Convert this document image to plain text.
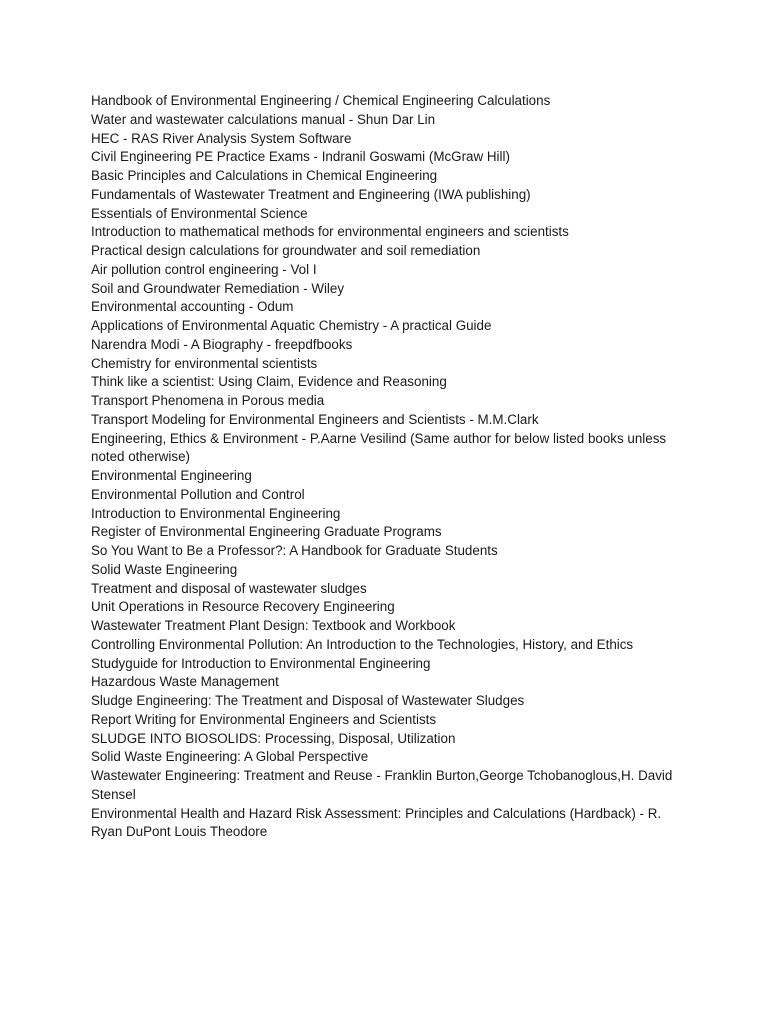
Handbook of Environmental Engineering / Chemical Engineering Calculations
Water and wastewater calculations manual - Shun Dar Lin
HEC - RAS River Analysis System Software
Civil Engineering PE Practice Exams - Indranil Goswami (McGraw Hill)
Basic Principles and Calculations in Chemical Engineering
Fundamentals of Wastewater Treatment and Engineering (IWA publishing)
Essentials of Environmental Science
Introduction to mathematical methods for environmental engineers and scientists
Practical design calculations for groundwater and soil remediation
Air pollution control engineering - Vol I
Soil and Groundwater Remediation - Wiley
Environmental accounting - Odum
Applications of Environmental Aquatic Chemistry - A practical Guide
Narendra Modi - A Biography - freepdfbooks
Chemistry for environmental scientists
Think like a scientist: Using Claim, Evidence and Reasoning
Transport Phenomena in Porous media
Transport Modeling for Environmental Engineers and Scientists - M.M.Clark
Engineering, Ethics & Environment - P.Aarne Vesilind (Same author for below listed books unless noted otherwise)
Environmental Engineering
Environmental Pollution and Control
Introduction to Environmental Engineering
Register of Environmental Engineering Graduate Programs
So You Want to Be a Professor?: A Handbook for Graduate Students
Solid Waste Engineering
Treatment and disposal of wastewater sludges
Unit Operations in Resource Recovery Engineering
Wastewater Treatment Plant Design: Textbook and Workbook
Controlling Environmental Pollution: An Introduction to the Technologies, History, and Ethics
Studyguide for Introduction to Environmental Engineering
Hazardous Waste Management
Sludge Engineering: The Treatment and Disposal of Wastewater Sludges
Report Writing for Environmental Engineers and Scientists
SLUDGE INTO BIOSOLIDS: Processing, Disposal, Utilization
Solid Waste Engineering: A Global Perspective
Wastewater Engineering: Treatment and Reuse - Franklin Burton,George Tchobanoglous,H. David Stensel
Environmental Health and Hazard Risk Assessment: Principles and Calculations (Hardback) - R. Ryan DuPont Louis Theodore
